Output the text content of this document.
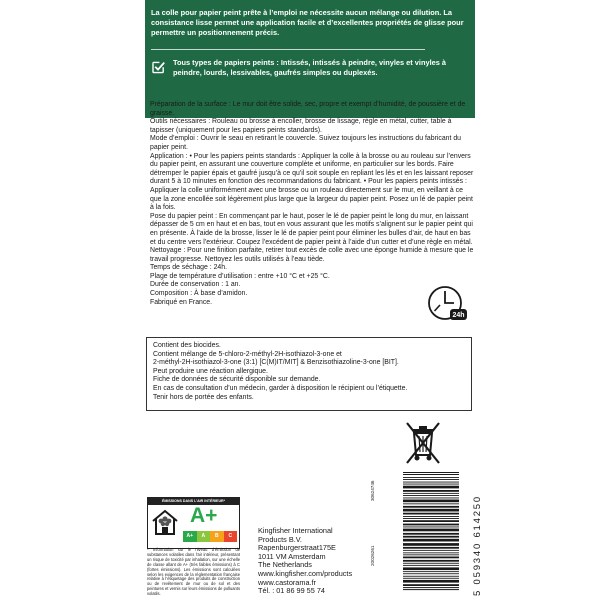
La colle pour papier peint prête à l’emploi ne nécessite aucun mélange ou dilution. La consistance lisse permet une application facile et d’excellentes propriétés de glisse pour permettre un positionnement précis.
Tous types de papiers peints : Intissés, intissés à peindre, vinyles et vinyles à peindre, lourds, lessivables, gaufrés simples ou duplexés.

Préparation de la surface : Le mur doit être solide, sec, propre et exempt d’humidité, de poussière et de graisse.

Outils nécessaires : Rouleau ou brosse à encoller, brosse de lissage, règle en métal, cutter, table à tapisser (uniquement pour les papiers peints standards).

Mode d’emploi : Ouvrir le seau en retirant le couvercle. Suivez toujours les instructions du fabricant du papier peint.

Application : • Pour les papiers peints standards : Appliquer la colle à la brosse ou au rouleau sur l’envers du papier peint, en assurant une couverture complète et uniforme, en particulier sur les bords. Faire détremper le papier épais et gaufré jusqu’à ce qu’il soit souple en repliant les lés et en les laissant reposer durant 5 à 10 minutes en fonction des recommandations du fabricant. • Pour les papiers peints intissés : Appliquer la colle uniformément avec une brosse ou un rouleau directement sur le mur, en veillant à ce que la zone encollée soit légèrement plus large que la largeur du papier peint. Posez un lé de papier peint à la fois.

Pose du papier peint : En commençant par le haut, poser le lé de papier peint le long du mur, en laissant dépasser de 5 cm en haut et en bas, tout en vous assurant que les motifs s’alignent sur le papier peint qui en présente. À l’aide de la brosse, lisser le lé de papier peint pour éliminer les bulles d’air, de haut en bas et du centre vers l’extérieur. Coupez l’excédent de papier peint à l’aide d’un cutter et d’une règle en métal.

Nettoyage : Pour une finition parfaite, retirer tout excès de colle avec une éponge humide à mesure que le travail progresse. Nettoyez les outils utilisés à l’eau tiède.

Temps de séchage : 24h.

Plage de température d’utilisation : entre +10 °C et +25 °C.

Durée de conservation : 1 an.

Composition : À base d’amidon.

Fabriqué en France.

24h

Contient des biocides.

Contient mélange de 5-chloro-2-méthyl-2H-isothiazol-3-one et

2-méthyl-2H-isothiazol-3-one (3:1) [C(M)IT/MIT] & Benzisothiazoline-3-one [BIT].

Peut produire une réaction allergique.

Fiche de données de sécurité disponible sur demande.

En cas de consultation d’un médecin, garder à disposition le récipient ou l’étiquette.

Tenir hors de portée des enfants.

ÉMISSIONS DANS L’AIR INTÉRIEUR*
A+
A+	A	B	C
* Information sur le niveau d’émission de substances volatiles dans l’air intérieur, présentant un risque de toxicité par inhalation, sur une échelle de classe allant de A+ (très faibles émissions) à C (fortes émissions). Les émissions sont calculées selon les exigences de la réglementation française relative à l’étiquetage des produits de construction ou de revêtement de mur ou de sol et des peintures et vernis sur leurs émissions de polluants volatils.

Kingfisher International

Products B.V.

Rapenburgerstraat175E

1011 VM Amsterdam

The Netherlands

www.kingfisher.com/products

www.castorama.fr

Tél. : 01 86 99 55 74

30624746
20026261	5 059340 614250
